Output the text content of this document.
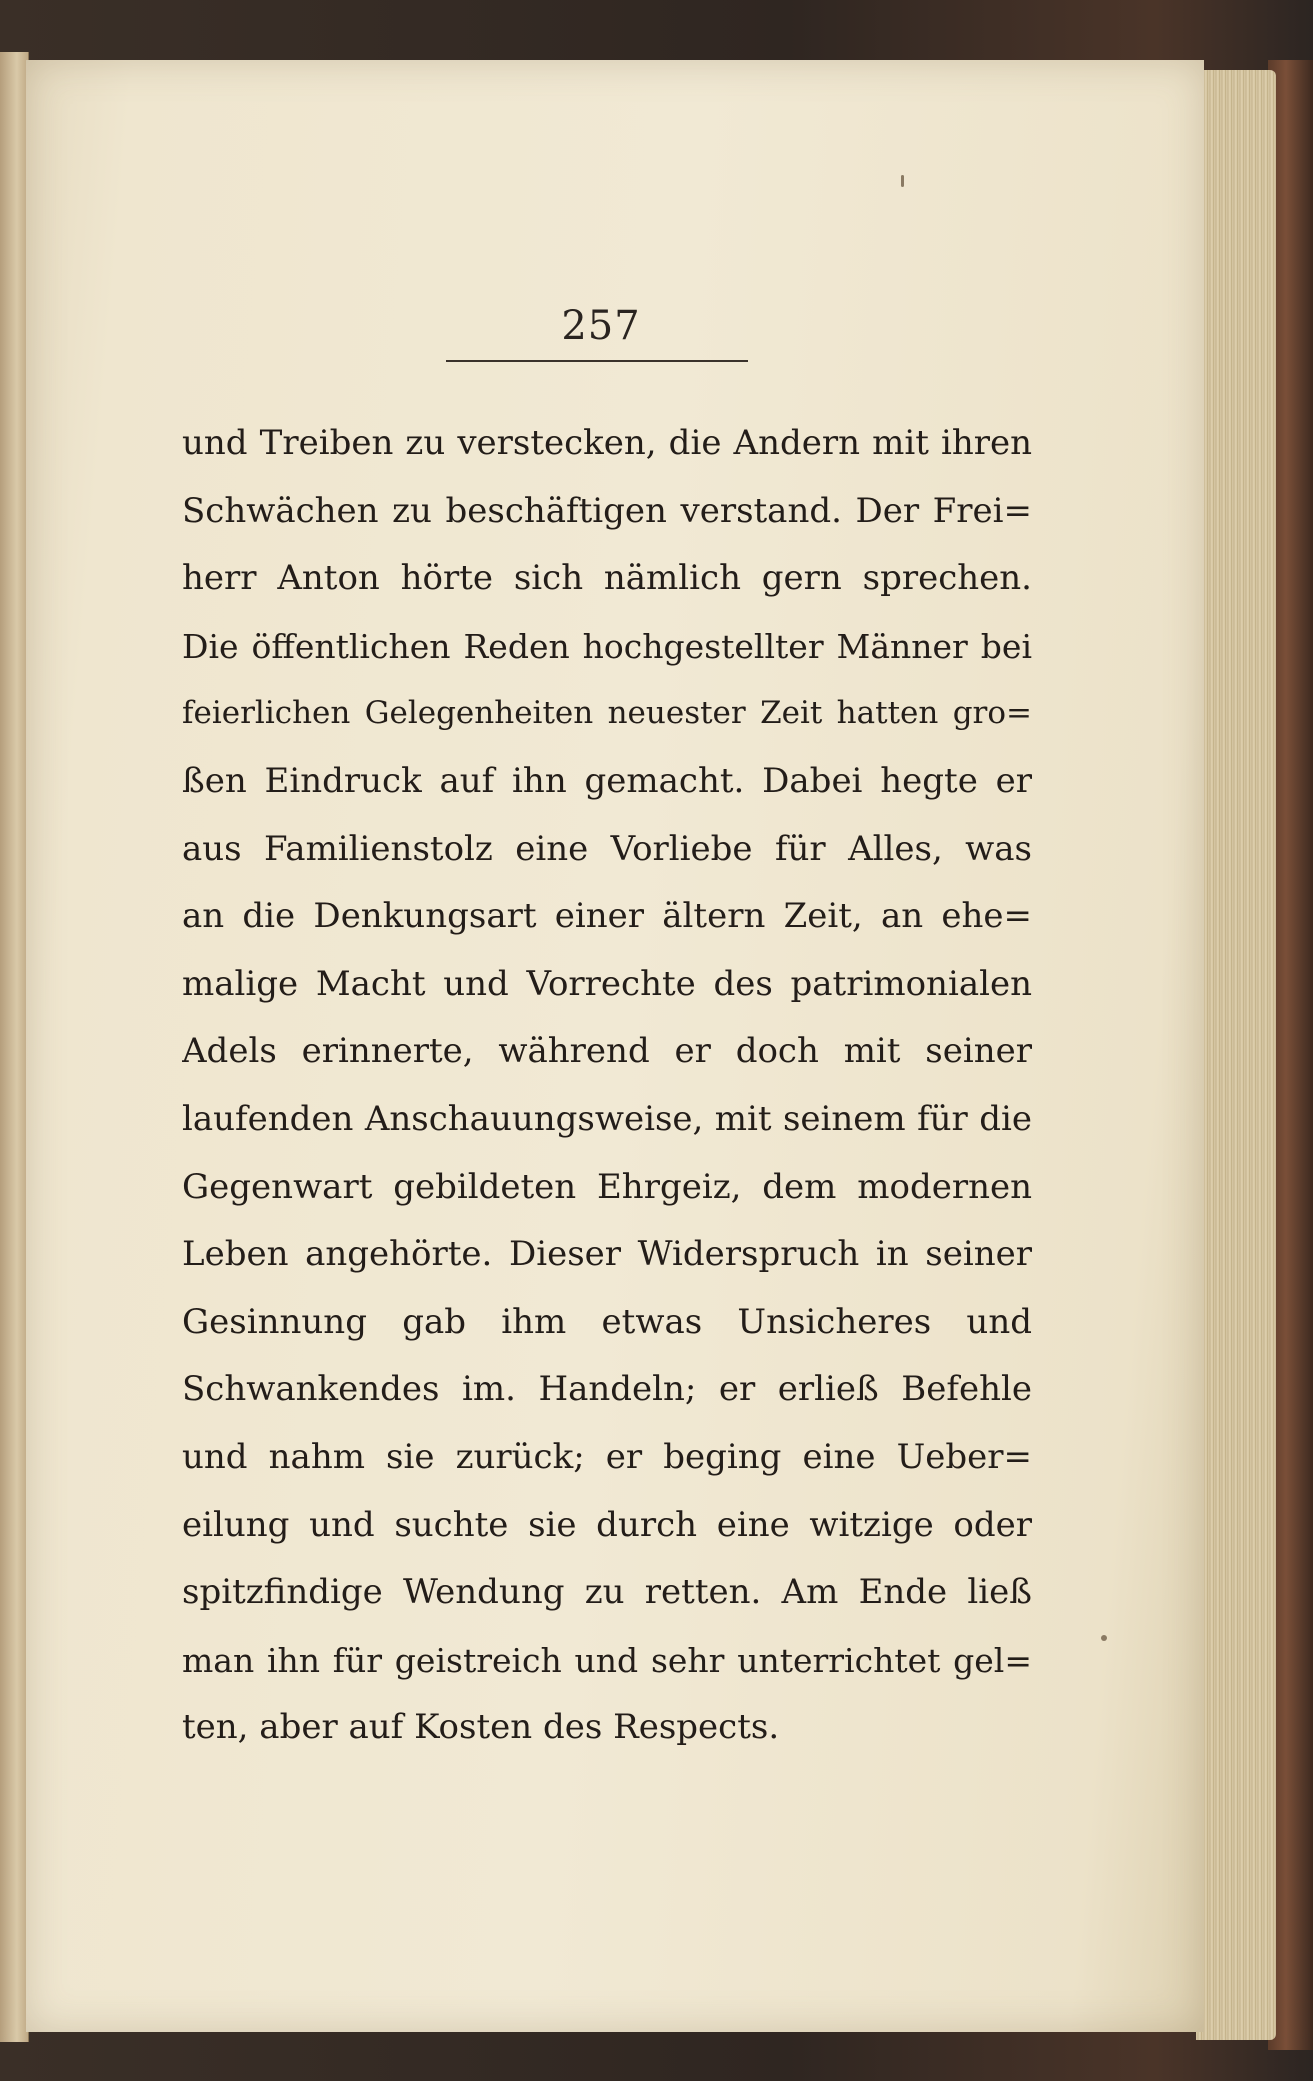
257
und Treiben zu verstecken, die Andern mit ihren
Schwächen zu beschäftigen verstand. Der Frei=
herr Anton hörte sich nämlich gern sprechen.
Die öffentlichen Reden hochgestellter Männer bei
feierlichen Gelegenheiten neuester Zeit hatten gro=
ßen Eindruck auf ihn gemacht. Dabei hegte er
aus Familienstolz eine Vorliebe für Alles, was
an die Denkungsart einer ältern Zeit, an ehe=
malige Macht und Vorrechte des patrimonialen
Adels erinnerte, während er doch mit seiner
laufenden Anschauungsweise, mit seinem für die
Gegenwart gebildeten Ehrgeiz, dem modernen
Leben angehörte. Dieser Widerspruch in seiner
Gesinnung gab ihm etwas Unsicheres und
Schwankendes im. Handeln; er erließ Befehle
und nahm sie zurück; er beging eine Ueber=
eilung und suchte sie durch eine witzige oder
spitzfindige Wendung zu retten. Am Ende ließ
man ihn für geistreich und sehr unterrichtet gel=
ten, aber auf Kosten des Respects.
